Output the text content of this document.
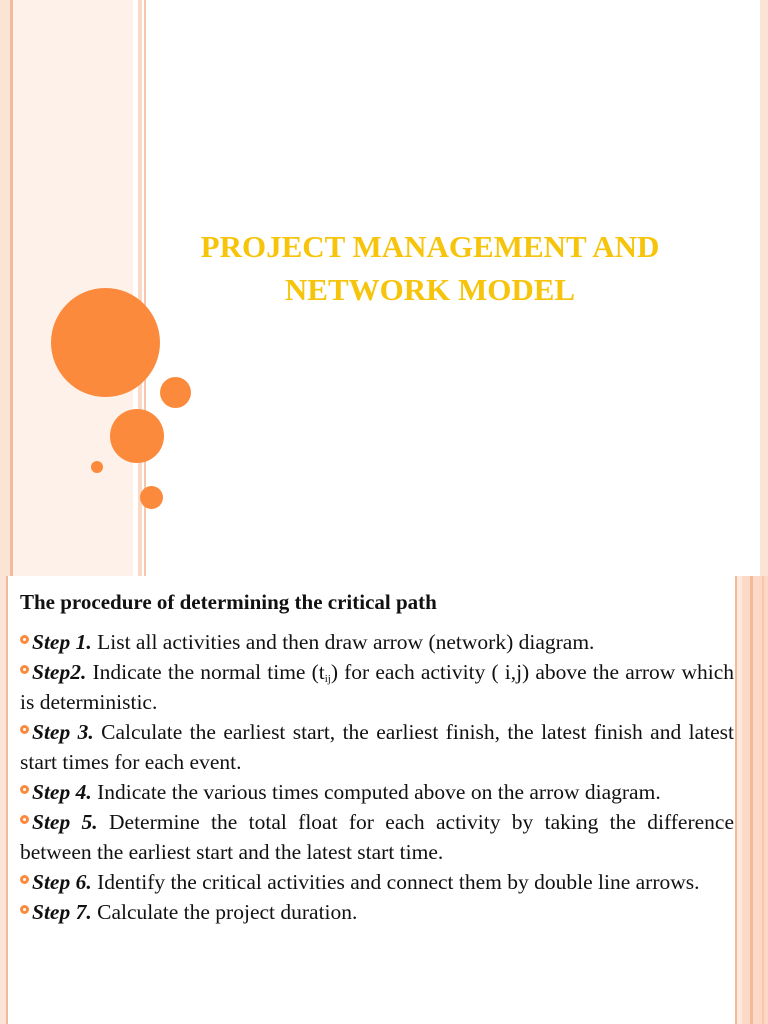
PROJECT MANAGEMENT AND
NETWORK MODEL
The procedure of determining the critical path
Step 1. List all activities and then draw arrow (network) diagram.
Step2. Indicate the normal time $(t_{ij})$ for each activity ( i,j) above the arrow which is deterministic.
Step 3. Calculate the earliest start, the earliest finish, the latest finish and latest start times for each event.
Step 4. Indicate the various times computed above on the arrow diagram.
Step 5. Determine the total float for each activity by taking the difference between the earliest start and the latest start time.
Step 6. Identify the critical activities and connect them by double line arrows.
Step 7. Calculate the project duration.
